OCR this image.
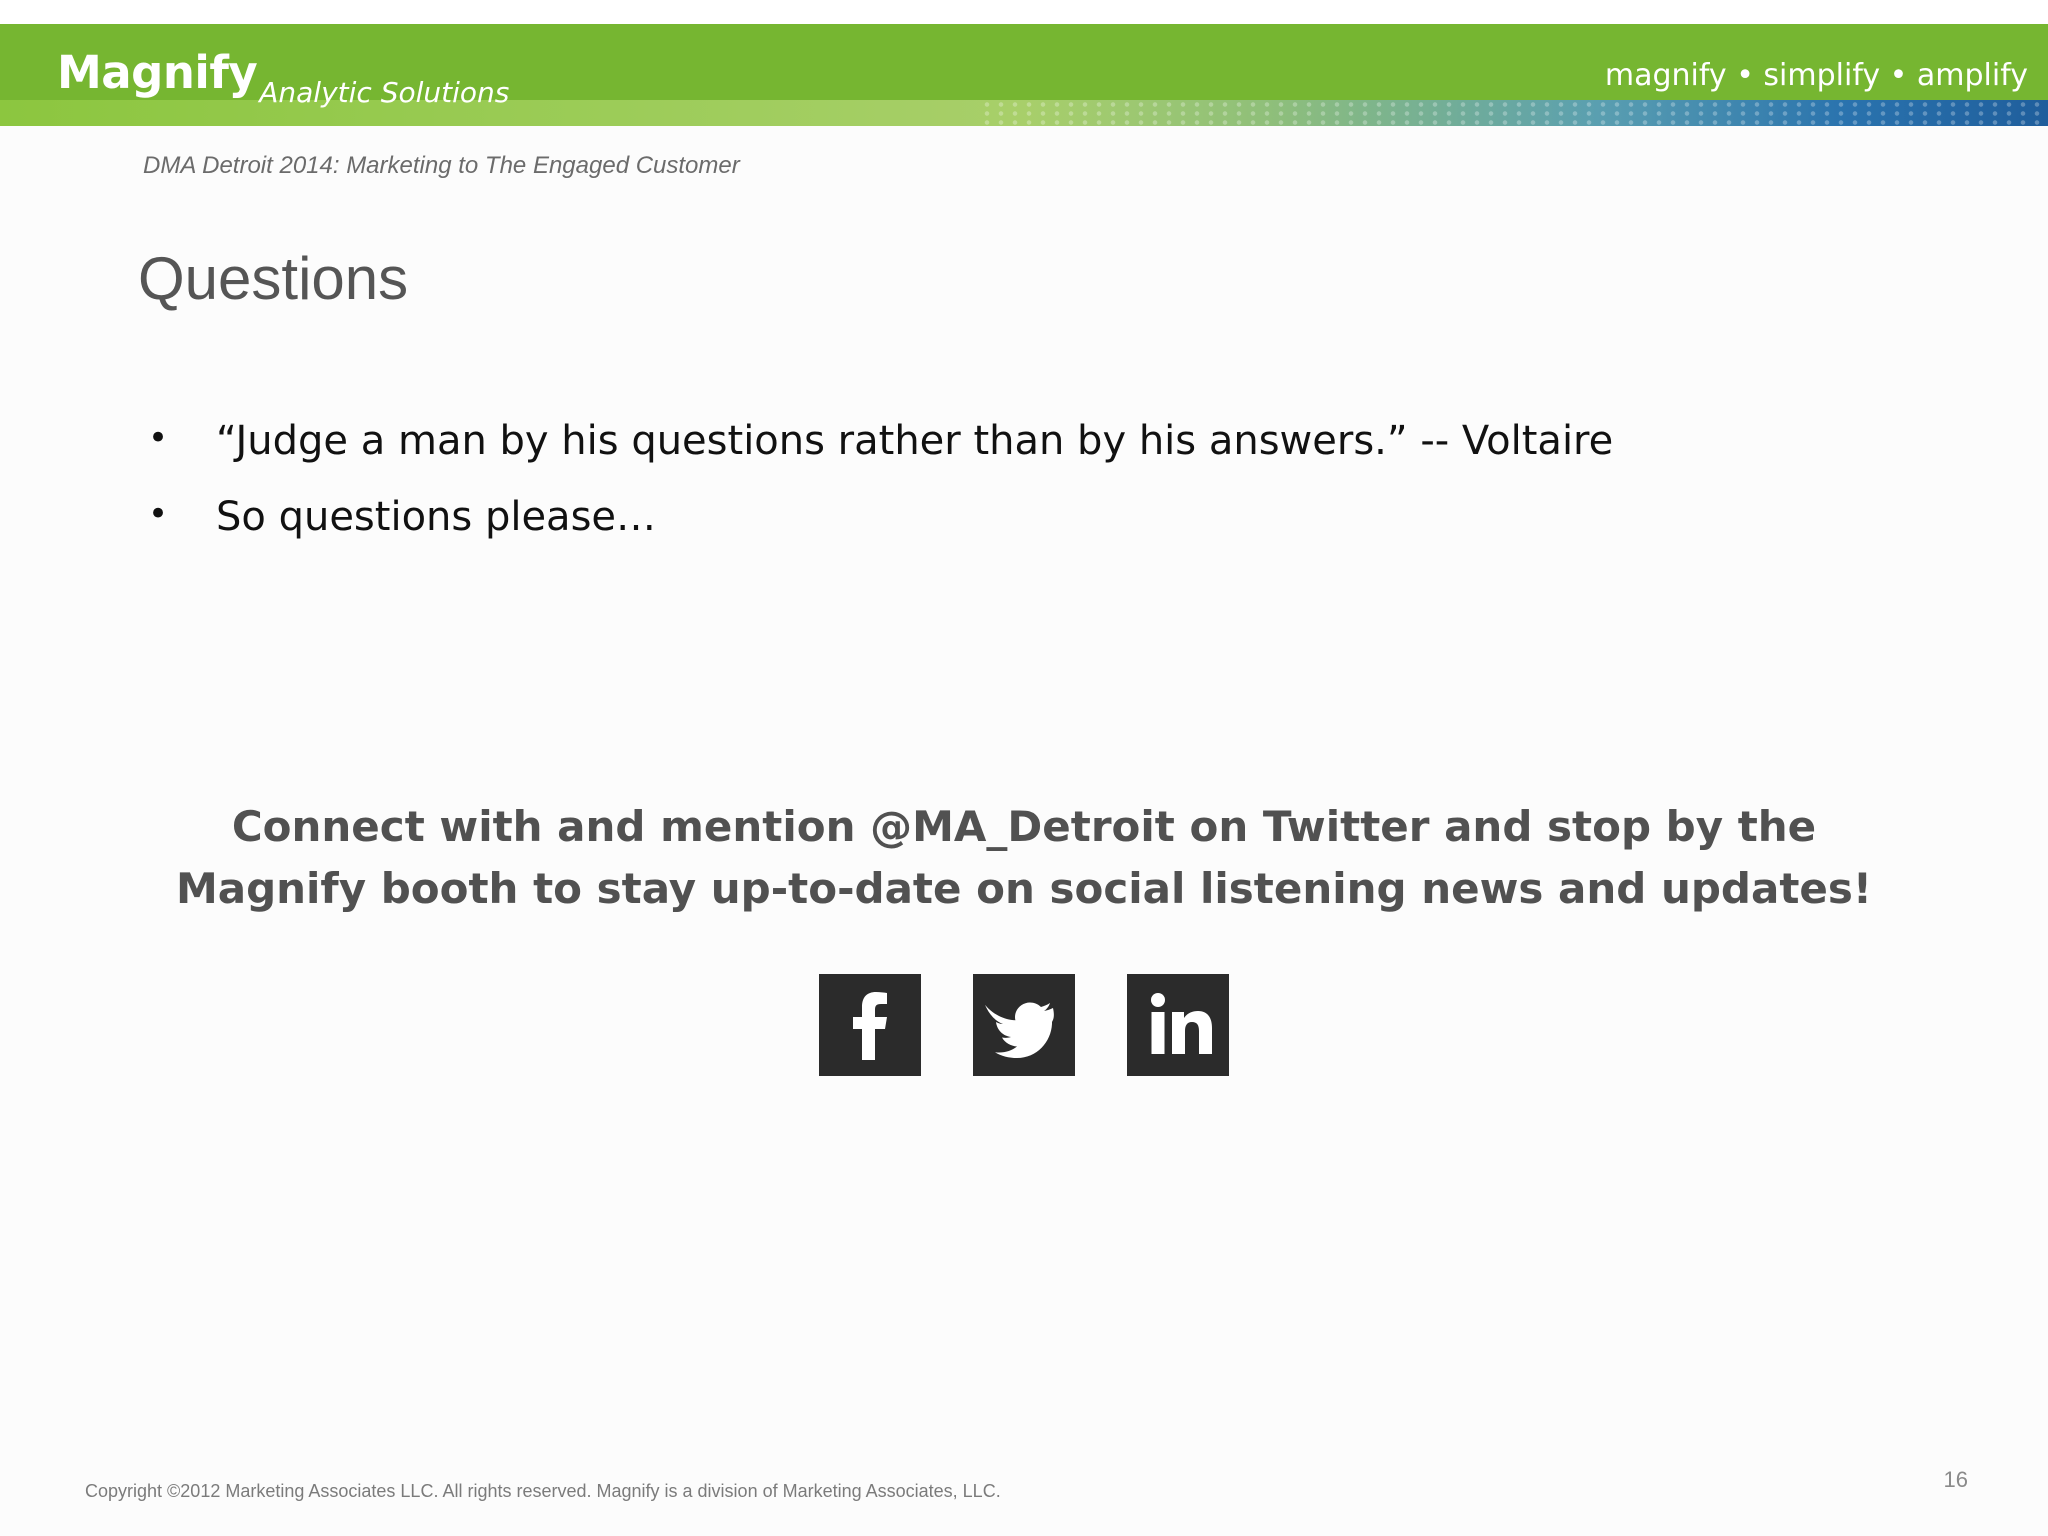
MagnifyAnalytic Solutions	magnify • simplify • amplify
DMA Detroit 2014: Marketing to The Engaged Customer
Questions
• “Judge a man by his questions rather than by his answers.” -- Voltaire
• So questions please…
Connect with and mention @MA_Detroit on Twitter and stop by the
Magnify booth to stay up-to-date on social listening news and updates!
Copyright ©2012 Marketing Associates LLC. All rights reserved. Magnify is a division of Marketing Associates, LLC.	16
